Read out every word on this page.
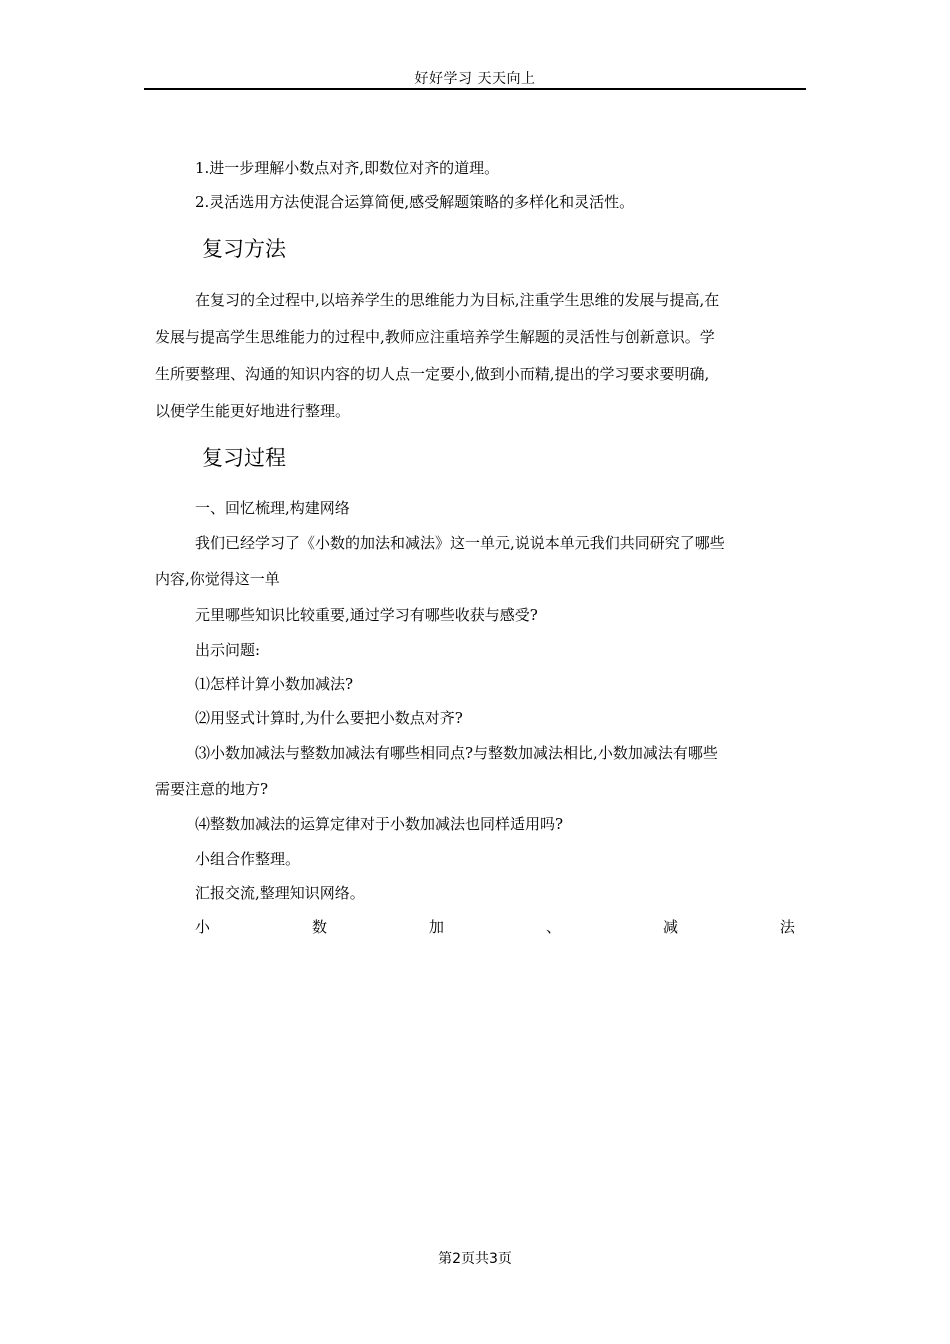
好好学习 天天向上
1.进一步理解小数点对齐,即数位对齐的道理。
2.灵活选用方法使混合运算简便,感受解题策略的多样化和灵活性。
复习方法
在复习的全过程中,以培养学生的思维能力为目标,注重学生思维的发展与提高,在
发展与提高学生思维能力的过程中,教师应注重培养学生解题的灵活性与创新意识。学
生所要整理、沟通的知识内容的切人点一定要小,做到小而精,提出的学习要求要明确,
以便学生能更好地进行整理。
复习过程
一、回忆梳理,构建网络
我们已经学习了《小数的加法和减法》这一单元,说说本单元我们共同研究了哪些
内容,你觉得这一单
元里哪些知识比较重要,通过学习有哪些收获与感受?
出示问题:
⑴怎样计算小数加减法?
⑵用竖式计算时,为什么要把小数点对齐?
⑶小数加减法与整数加减法有哪些相同点?与整数加减法相比,小数加减法有哪些
需要注意的地方?
⑷整数加减法的运算定律对于小数加减法也同样适用吗?
小组合作整理。
汇报交流,整理知识网络。
小	数	加	、	减	法
第2页共3页
